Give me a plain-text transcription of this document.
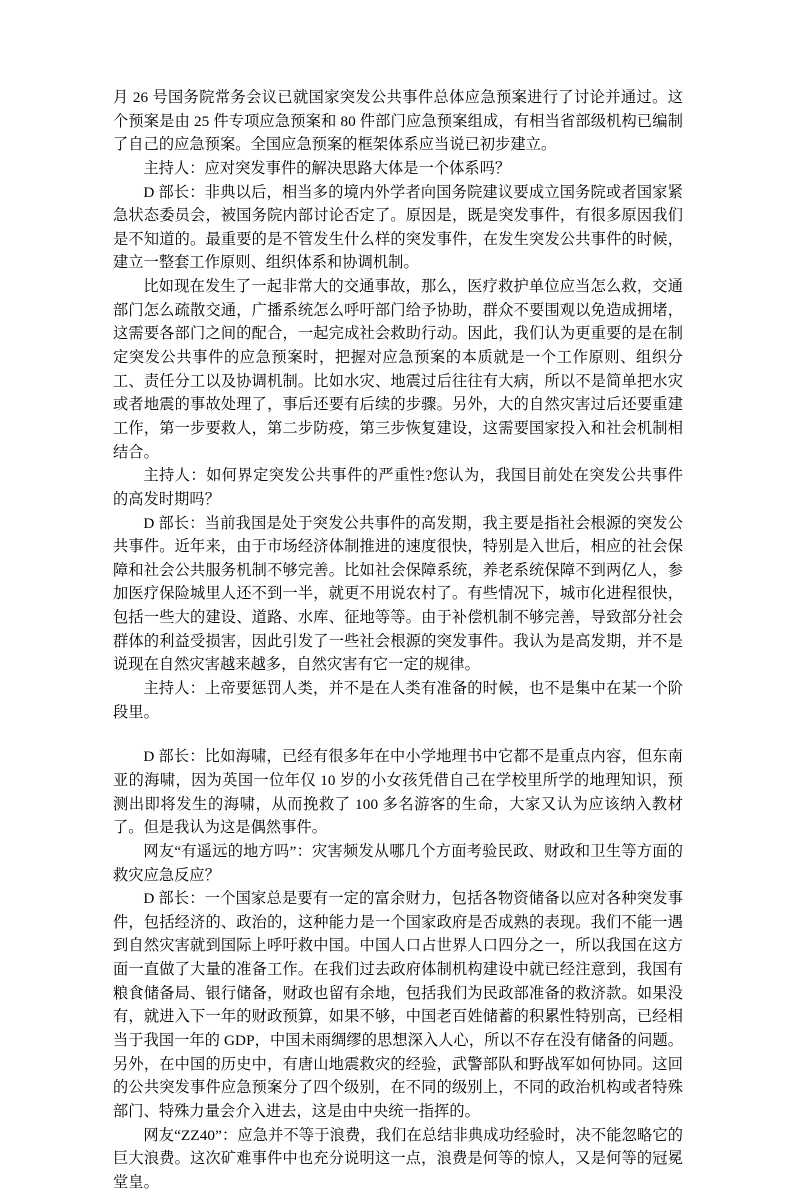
月 26 号国务院常务会议已就国家突发公共事件总体应急预案进行了讨论并通过。这个预案是由 25 件专项应急预案和 80 件部门应急预案组成，有相当省部级机构已编制了自己的应急预案。全国应急预案的框架体系应当说已初步建立。

主持人：应对突发事件的解决思路大体是一个体系吗？

D 部长：非典以后，相当多的境内外学者向国务院建议要成立国务院或者国家紧急状态委员会，被国务院内部讨论否定了。原因是，既是突发事件，有很多原因我们是不知道的。最重要的是不管发生什么样的突发事件，在发生突发公共事件的时候，建立一整套工作原则、组织体系和协调机制。

比如现在发生了一起非常大的交通事故，那么，医疗救护单位应当怎么救，交通部门怎么疏散交通，广播系统怎么呼吁部门给予协助，群众不要围观以免造成拥堵，这需要各部门之间的配合，一起完成社会救助行动。因此，我们认为更重要的是在制定突发公共事件的应急预案时，把握对应急预案的本质就是一个工作原则、组织分工、责任分工以及协调机制。比如水灾、地震过后往往有大病，所以不是简单把水灾或者地震的事故处理了，事后还要有后续的步骤。另外，大的自然灾害过后还要重建工作，第一步要救人，第二步防疫，第三步恢复建设，这需要国家投入和社会机制相结合。

主持人：如何界定突发公共事件的严重性?您认为，我国目前处在突发公共事件的高发时期吗？

D 部长：当前我国是处于突发公共事件的高发期，我主要是指社会根源的突发公共事件。近年来，由于市场经济体制推进的速度很快，特别是入世后，相应的社会保障和社会公共服务机制不够完善。比如社会保障系统，养老系统保障不到两亿人，参加医疗保险城里人还不到一半，就更不用说农村了。有些情况下，城市化进程很快，包括一些大的建设、道路、水库、征地等等。由于补偿机制不够完善，导致部分社会群体的利益受损害，因此引发了一些社会根源的突发事件。我认为是高发期，并不是说现在自然灾害越来越多，自然灾害有它一定的规律。

主持人：上帝要惩罚人类，并不是在人类有准备的时候，也不是集中在某一个阶段里。

D 部长：比如海啸，已经有很多年在中小学地理书中它都不是重点内容，但东南亚的海啸，因为英国一位年仅 10 岁的小女孩凭借自己在学校里所学的地理知识，预测出即将发生的海啸，从而挽救了 100 多名游客的生命，大家又认为应该纳入教材了。但是我认为这是偶然事件。

网友“有遥远的地方吗”：灾害频发从哪几个方面考验民政、财政和卫生等方面的救灾应急反应？

D 部长：一个国家总是要有一定的富余财力，包括各物资储备以应对各种突发事件，包括经济的、政治的，这种能力是一个国家政府是否成熟的表现。我们不能一遇到自然灾害就到国际上呼吁救中国。中国人口占世界人口四分之一，所以我国在这方面一直做了大量的准备工作。在我们过去政府体制机构建设中就已经注意到，我国有粮食储备局、银行储备，财政也留有余地，包括我们为民政部准备的救济款。如果没有，就进入下一年的财政预算，如果不够，中国老百姓储蓄的积累性特别高，已经相当于我国一年的 GDP，中国未雨绸缪的思想深入人心，所以不存在没有储备的问题。另外，在中国的历史中，有唐山地震救灾的经验，武警部队和野战军如何协同。这回的公共突发事件应急预案分了四个级别，在不同的级别上，不同的政治机构或者特殊部门、特殊力量会介入进去，这是由中央统一指挥的。

网友“ZZ40”：应急并不等于浪费，我们在总结非典成功经验时，决不能忽略它的巨大浪费。这次矿难事件中也充分说明这一点，浪费是何等的惊人，又是何等的冠冕堂皇。
